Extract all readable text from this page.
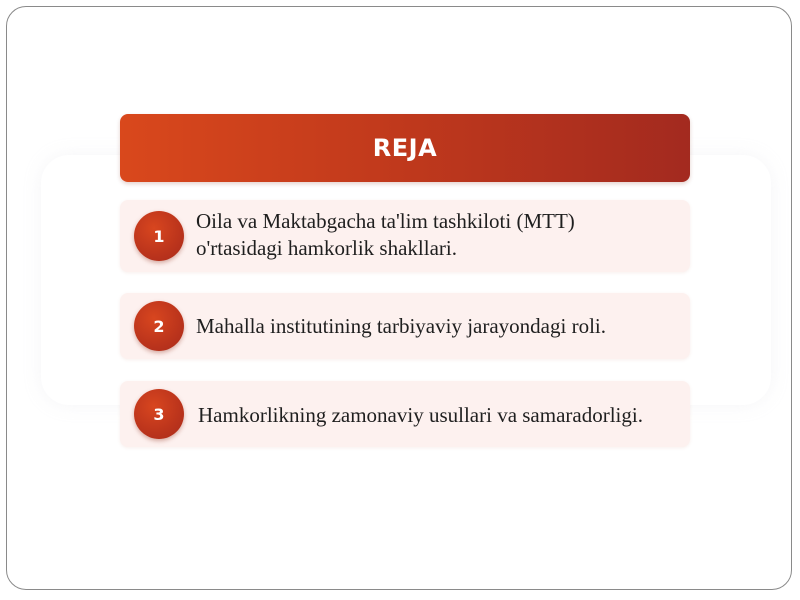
REJA
1
Oila va Maktabgacha ta'lim tashkiloti (MTT)
o'rtasidagi hamkorlik shakllari.
2	Mahalla institutining tarbiyaviy jarayondagi roli.
3	Hamkorlikning zamonaviy usullari va samaradorligi.
